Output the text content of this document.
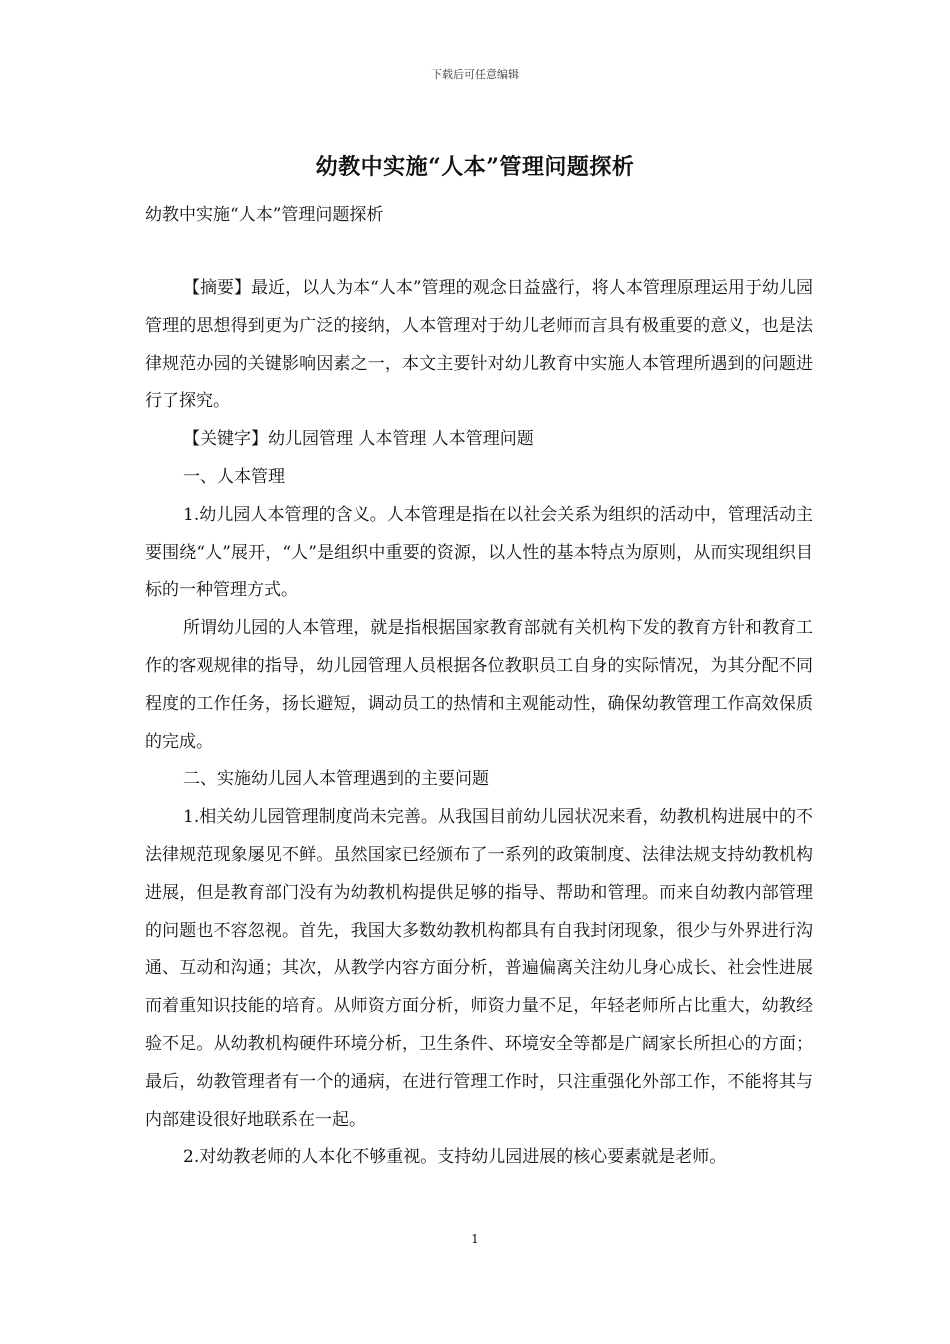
下载后可任意编辑
幼教中实施“人本”管理问题探析
幼教中实施“人本”管理问题探析

【摘要】最近，以人为本“人本”管理的观念日益盛行，将人本管理原理运用于幼儿园管理的思想得到更为广泛的接纳，人本管理对于幼儿老师而言具有极重要的意义，也是法律规范办园的关键影响因素之一，本文主要针对幼儿教育中实施人本管理所遇到的问题进行了探究。

【关键字】幼儿园管理 人本管理 人本管理问题

一、人本管理

1.幼儿园人本管理的含义。人本管理是指在以社会关系为组织的活动中，管理活动主要围绕“人”展开，“人”是组织中重要的资源，以人性的基本特点为原则，从而实现组织目标的一种管理方式。

所谓幼儿园的人本管理，就是指根据国家教育部就有关机构下发的教育方针和教育工作的客观规律的指导，幼儿园管理人员根据各位教职员工自身的实际情况，为其分配不同程度的工作任务，扬长避短，调动员工的热情和主观能动性，确保幼教管理工作高效保质的完成。

二、实施幼儿园人本管理遇到的主要问题

1.相关幼儿园管理制度尚未完善。从我国目前幼儿园状况来看，幼教机构进展中的不法律规范现象屡见不鲜。虽然国家已经颁布了一系列的政策制度、法律法规支持幼教机构进展，但是教育部门没有为幼教机构提供足够的指导、帮助和管理。而来自幼教内部管理的问题也不容忽视。首先，我国大多数幼教机构都具有自我封闭现象，很少与外界进行沟通、互动和沟通；其次，从教学内容方面分析，普遍偏离关注幼儿身心成长、社会性进展而着重知识技能的培育。从师资方面分析，师资力量不足，年轻老师所占比重大，幼教经验不足。从幼教机构硬件环境分析，卫生条件、环境安全等都是广阔家长所担心的方面；最后，幼教管理者有一个的通病，在进行管理工作时，只注重强化外部工作，不能将其与内部建设很好地联系在一起。

2.对幼教老师的人本化不够重视。支持幼儿园进展的核心要素就是老师。

1
